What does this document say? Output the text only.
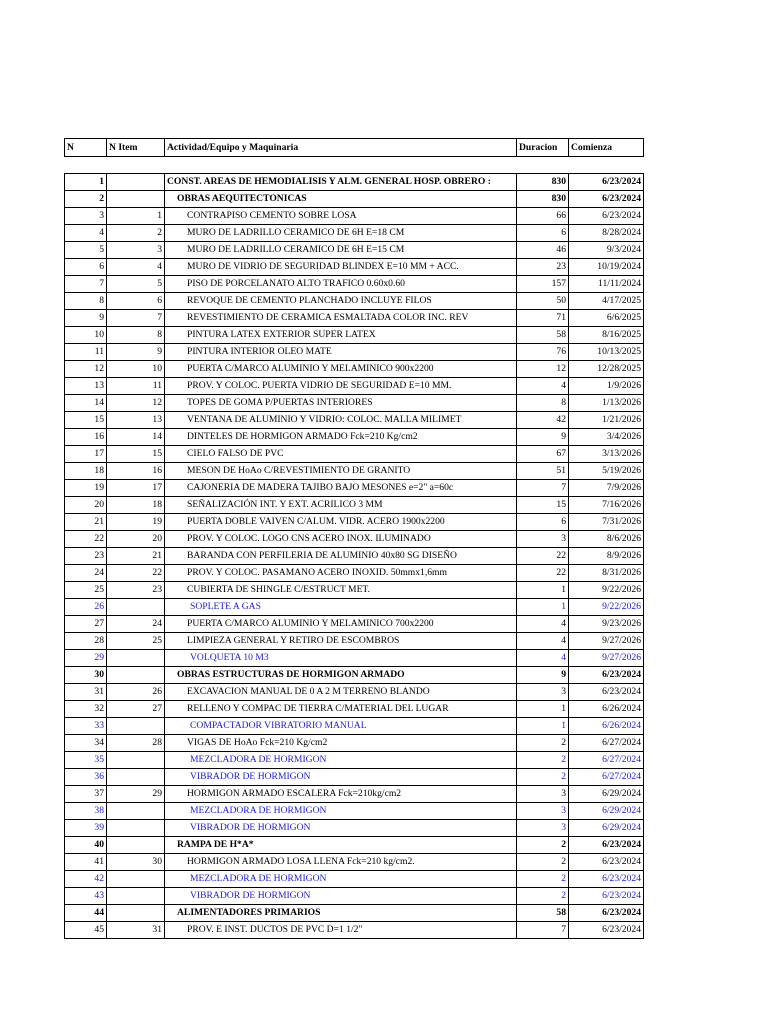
N	N Item	Actividad/Equipo y Maquinaria	Duracion	Comienza

1		CONST. AREAS DE HEMODIALISIS Y ALM. GENERAL HOSP. OBRERO :	830	6/23/2024
2		OBRAS AEQUITECTONICAS	830	6/23/2024
3	1	CONTRAPISO CEMENTO SOBRE LOSA	66	6/23/2024
4	2	MURO DE LADRILLO CERAMICO DE 6H E=18 CM	6	8/28/2024
5	3	MURO DE LADRILLO CERAMICO DE 6H E=15 CM	46	9/3/2024
6	4	MURO DE VIDRIO DE SEGURIDAD BLINDEX E=10 MM + ACC.	23	10/19/2024
7	5	PISO DE PORCELANATO ALTO TRAFICO 0.60x0.60	157	11/11/2024
8	6	REVOQUE DE CEMENTO PLANCHADO INCLUYE FILOS	50	4/17/2025
9	7	REVESTIMIENTO DE CERAMICA ESMALTADA COLOR INC. REV	71	6/6/2025
10	8	PINTURA LATEX EXTERIOR SUPER LATEX	58	8/16/2025
11	9	PINTURA INTERIOR OLEO MATE	76	10/13/2025
12	10	PUERTA C/MARCO ALUMINIO Y MELAMINICO 900x2200	12	12/28/2025
13	11	PROV. Y COLOC. PUERTA VIDRIO DE SEGURIDAD E=10 MM.	4	1/9/2026
14	12	TOPES DE GOMA P/PUERTAS INTERIORES	8	1/13/2026
15	13	VENTANA DE ALUMINIO Y VIDRIO: COLOC. MALLA MILIMET	42	1/21/2026
16	14	DINTELES DE HORMIGON ARMADO Fck=210 Kg/cm2	9	3/4/2026
17	15	CIELO FALSO DE PVC	67	3/13/2026
18	16	MESON DE HoAo C/REVESTIMIENTO DE GRANITO	51	5/19/2026
19	17	CAJONERIA DE MADERA TAJIBO BAJO MESONES e=2" a=60c	7	7/9/2026
20	18	SEÑALIZACIÓN INT. Y EXT. ACRILICO 3 MM	15	7/16/2026
21	19	PUERTA DOBLE VAIVEN C/ALUM. VIDR. ACERO 1900x2200	6	7/31/2026
22	20	PROV. Y COLOC. LOGO CNS ACERO INOX. ILUMINADO	3	8/6/2026
23	21	BARANDA CON PERFILERIA DE ALUMINIO 40x80 SG DISEÑO	22	8/9/2026
24	22	PROV. Y COLOC. PASAMANO ACERO INOXID. 50mmx1,6mm	22	8/31/2026
25	23	CUBIERTA DE SHINGLE C/ESTRUCT MET.	1	9/22/2026
26		SOPLETE A GAS	1	9/22/2026
27	24	PUERTA C/MARCO ALUMINIO Y MELAMINICO 700x2200	4	9/23/2026
28	25	LIMPIEZA GENERAL Y RETIRO DE ESCOMBROS	4	9/27/2026
29		VOLQUETA 10 M3	4	9/27/2026
30		OBRAS ESTRUCTURAS DE HORMIGON ARMADO	9	6/23/2024
31	26	EXCAVACION MANUAL DE 0 A 2 M TERRENO BLANDO	3	6/23/2024
32	27	RELLENO Y COMPAC DE TIERRA C/MATERIAL DEL LUGAR	1	6/26/2024
33		COMPACTADOR VIBRATORIO MANUAL	1	6/26/2024
34	28	VIGAS DE HoAo Fck=210 Kg/cm2	2	6/27/2024
35		MEZCLADORA DE HORMIGON	2	6/27/2024
36		VIBRADOR DE HORMIGON	2	6/27/2024
37	29	HORMIGON ARMADO ESCALERA Fck=210kg/cm2	3	6/29/2024
38		MEZCLADORA DE HORMIGON	3	6/29/2024
39		VIBRADOR DE HORMIGON	3	6/29/2024
40		RAMPA DE H*A*	2	6/23/2024
41	30	HORMIGON ARMADO LOSA LLENA Fck=210 kg/cm2.	2	6/23/2024
42		MEZCLADORA DE HORMIGON	2	6/23/2024
43		VIBRADOR DE HORMIGON	2	6/23/2024
44		ALIMENTADORES PRIMARIOS	58	6/23/2024
45	31	PROV. E INST. DUCTOS DE PVC D=1 1/2"	7	6/23/2024
